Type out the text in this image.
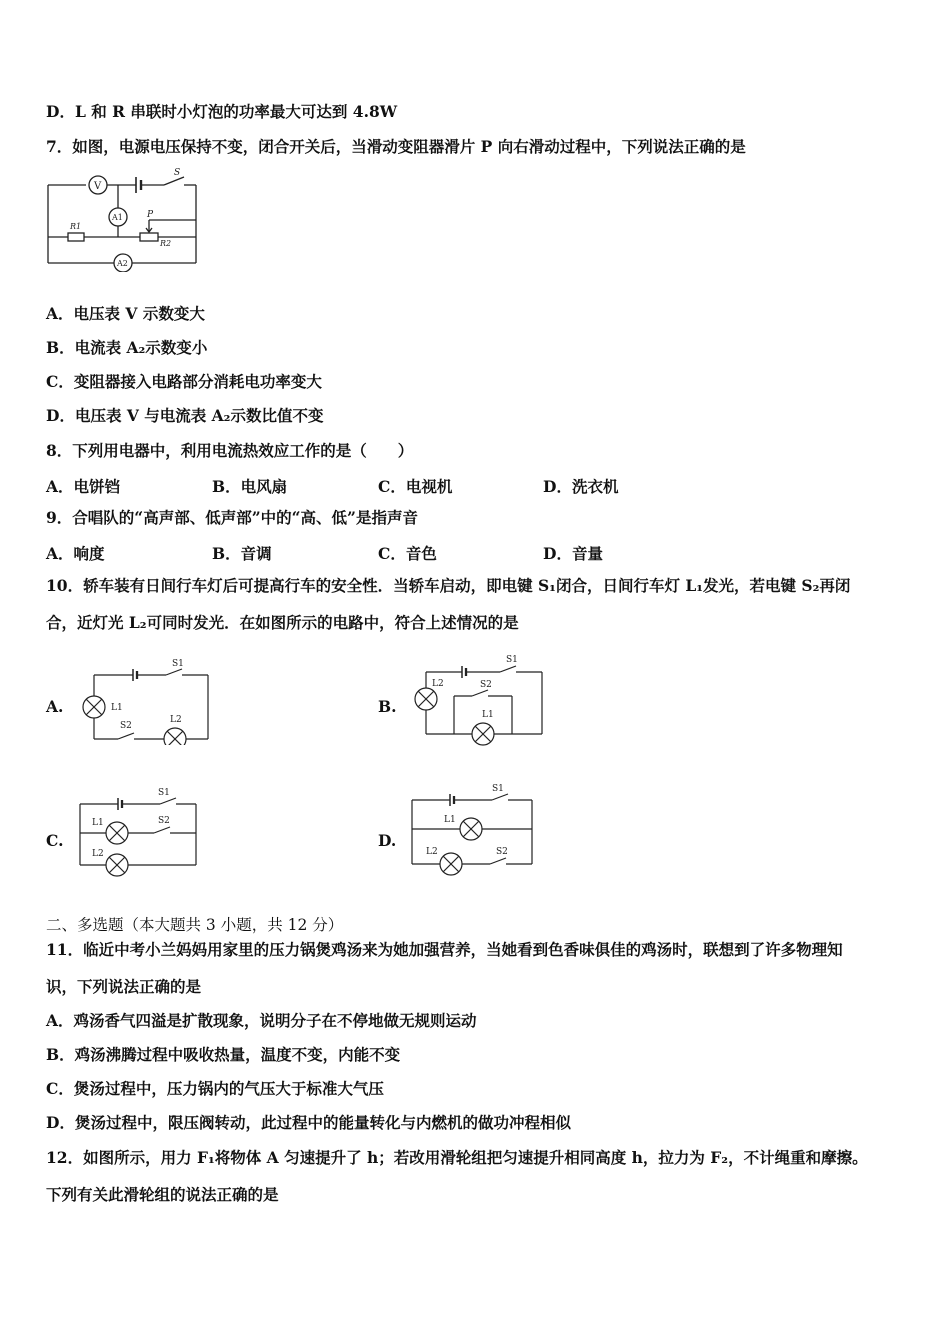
D．L 和 R 串联时小灯泡的功率最大可达到 4.8W
7．如图，电源电压保持不变，闭合开关后，当滑动变阻器滑片 P 向右滑动过程中，下列说法正确的是
V
S
A1
R1
R2
P
A2
A．电压表 V 示数变大
B．电流表 A₂示数变小
C．变阻器接入电路部分消耗电功率变大
D．电压表 V 与电流表 A₂示数比值不变
8．下列用电器中，利用电流热效应工作的是（　　）
A．电饼铛	B．电风扇	C．电视机	D．洗衣机
9．合唱队的“高声部、低声部”中的“高、低”是指声音
A．响度	B．音调	C．音色	D．音量
10．轿车装有日间行车灯后可提高行车的安全性．当轿车启动，即电键 S₁闭合，日间行车灯 L₁发光，若电键 S₂再闭
合，近灯光 L₂可同时发光．在如图所示的电路中，符合上述情况的是
A.	B.
C.	D.
S1
L1
S2
L2
S1
L2
L1
S2
S1
L1	S2
L2
S1
L1
L2	S2
二、多选题（本大题共 3 小题，共 12 分）
11．临近中考小兰妈妈用家里的压力锅煲鸡汤来为她加强营养，当她看到色香味俱佳的鸡汤时，联想到了许多物理知
识，下列说法正确的是
A．鸡汤香气四溢是扩散现象，说明分子在不停地做无规则运动
B．鸡汤沸腾过程中吸收热量，温度不变，内能不变
C．煲汤过程中，压力锅内的气压大于标准大气压
D．煲汤过程中，限压阀转动，此过程中的能量转化与内燃机的做功冲程相似
12．如图所示，用力 F₁将物体 A 匀速提升了 h；若改用滑轮组把匀速提升相同高度 h，拉力为 F₂，不计绳重和摩擦。
下列有关此滑轮组的说法正确的是
